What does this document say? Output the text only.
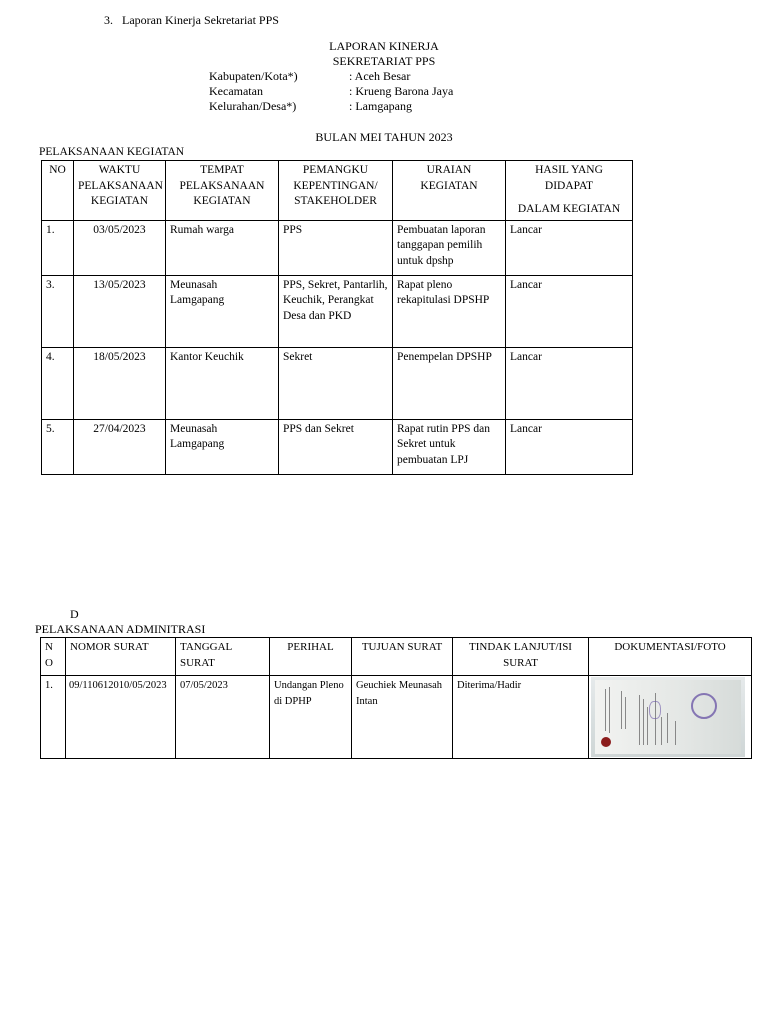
3. Laporan Kinerja Sekretariat PPS
LAPORAN KINERJA
SEKRETARIAT PPS
Kabupaten/Kota*)	: Aceh Besar
Kecamatan	: Krueng Barona Jaya
Kelurahan/Desa*)	: Lamgapang
BULAN MEI TAHUN 2023
PELAKSANAAN KEGIATAN
NO	WAKTU PELAKSANAAN KEGIATAN	TEMPAT PELAKSANAAN KEGIATAN	PEMANGKU KEPENTINGAN/ STAKEHOLDER	URAIAN KEGIATAN	HASIL YANG DIDAPAT
DALAM KEGIATAN

1.	03/05/2023	Rumah warga	PPS	Pembuatan laporan tanggapan pemilih untuk dpshp	Lancar
3.	13/05/2023	Meunasah Lamgapang	PPS, Sekret, Pantarlih, Keuchik, Perangkat Desa dan PKD	Rapat pleno rekapitulasi DPSHP	Lancar
4.	18/05/2023	Kantor Keuchik	Sekret	Penempelan DPSHP	Lancar
5.	27/04/2023	Meunasah Lamgapang	PPS dan Sekret	Rapat rutin PPS dan Sekret untuk pembuatan LPJ	Lancar
D
PELAKSANAAN ADMINITRASI
N O	NOMOR SURAT	TANGGAL SURAT	PERIHAL	TUJUAN SURAT	TINDAK LANJUT/ISI SURAT	DOKUMENTASI/FOTO
1.	09/110612010/05/2023	07/05/2023	Undangan Pleno di DPHP	Geuchiek Meunasah Intan	Diterima/Hadir	
